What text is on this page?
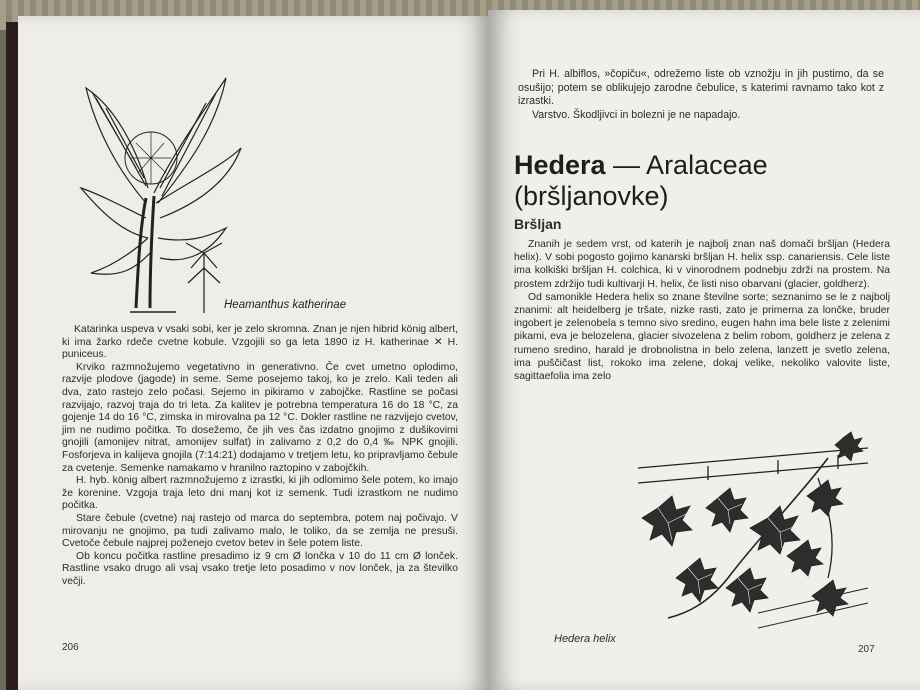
Heamanthus katherinae

Katarinka uspeva v vsaki sobi, ker je zelo skromna. Znan je njen hibrid könig albert, ki ima žarko rdeče cvetne kobule. Vzgojili so ga leta 1890 iz H. katherinae ✕ H. puniceus.

Krviko razmnožujemo vegetativno in generativno. Če cvet umetno oplodimo, razvije plodove (jagode) in seme. Seme posejemo takoj, ko je zrelo. Kali teden ali dva, zato rastejo zelo počasi. Sejemo in pikiramo v zabojčke. Rastline se počasi razvijajo, razvoj traja do tri leta. Za kalitev je potrebna temperatura 16 do 18 °C, za gojenje 14 do 16 °C, zimska in mirovalna pa 12 °C. Dokler rastline ne razvijejo cvetov, jim ne nudimo počitka. To dosežemo, če jih ves čas izdatno gnojimo z dušikovimi gnojili (amonijev nitrat, amonijev sulfat) in zalivamo z 0,2 do 0,4 ‰ NPK gnojili. Fosforjeva in kalijeva gnojila (7:14:21) dodajamo v tretjem letu, ko pripravljamo čebule za cvetenje. Semenke namakamo v hranilno raztopino v zabojčkih.

H. hyb. könig albert razmnožujemo z izrastki, ki jih odlomimo šele potem, ko imajo že korenine. Vzgoja traja leto dni manj kot iz semenk. Tudi izrastkom ne nudimo počitka.

Stare čebule (cvetne) naj rastejo od marca do septembra, potem naj počivajo. V mirovanju ne gnojimo, pa tudi zalivamo malo, le toliko, da se zemlja ne presuši. Cvetoče čebule najprej poženejo cvetov betev in šele potem liste.

Ob koncu počitka rastline presadimo iz 9 cm Ø lončka v 10 do 11 cm Ø lonček. Rastline vsako drugo ali vsaj vsako tretje leto posadimo v nov lonček, ja za številko večji.

206

Pri H. albiflos, »čopiču«, odrežemo liste ob vznožju in jih pustimo, da se osušijo; potem se oblikujejo zarodne čebulice, s katerimi ravnamo tako kot z izrastki.

Varstvo. Škodljivci in bolezni je ne napadajo.

Hedera — Aralaceae (bršljanovke)
Bršljan

Znanih je sedem vrst, od katerih je najbolj znan naš domači bršljan (Hedera helix). V sobi pogosto gojimo kanarski bršljan H. helix ssp. canariensis. Cele liste ima kolkiški bršljan H. colchica, ki v vinorodnem podnebju zdrži na prostem. Na prostem zdržijo tudi kultivarji H. helix, če listi niso obarvani (glacier, goldherz).

Od samonikle Hedera helix so znane številne sorte; seznanimo se le z najbolj znanimi: alt heidelberg je tršate, nizke rasti, zato je primerna za lončke, bruder ingobert je zelenobela s temno sivo sredino, eugen hahn ima bele liste z zelenimi pikami, eva je belozelena, glacier sivozelena z belim robom, goldherz je zelena z rumeno sredino, harald je drobnolistna in belo zelena, lanzett je svetlo zelena, ima puščičast list, rokoko ima zelene, dokaj velike, nekoliko valovite liste, sagittaefolia ima zelo

Hedera helix
207
